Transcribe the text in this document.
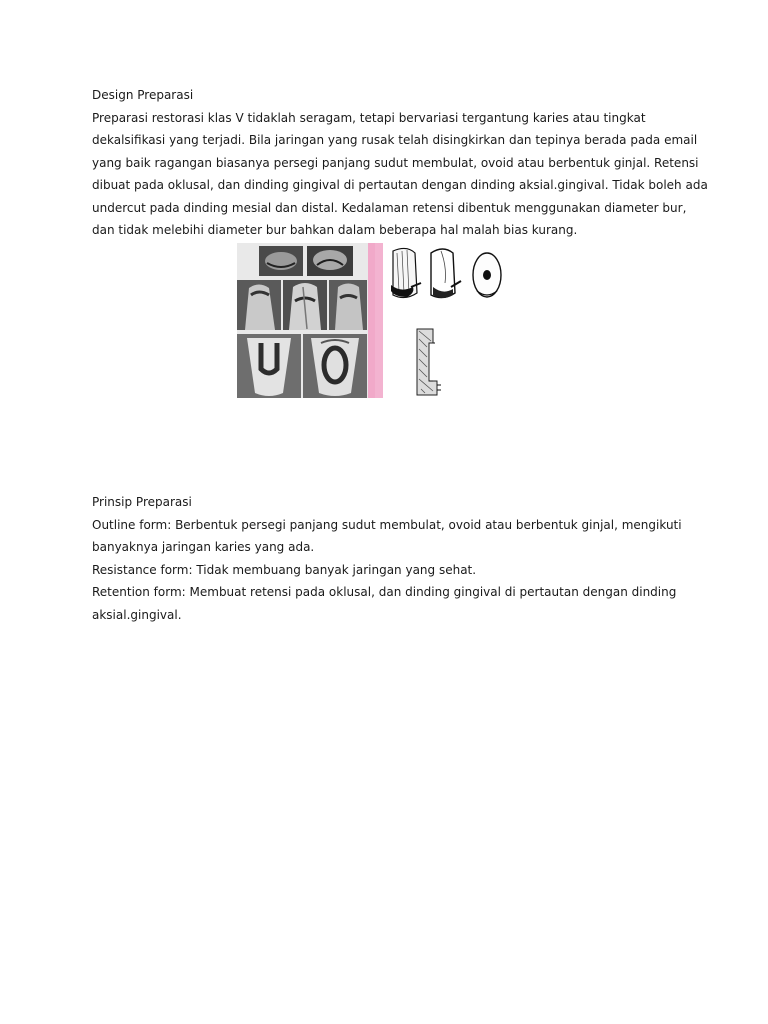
Design Preparasi
Preparasi restorasi klas V tidaklah seragam, tetapi bervariasi tergantung karies atau tingkat
dekalsifikasi yang terjadi. Bila jaringan yang rusak telah disingkirkan dan tepinya berada pada email
yang baik ragangan biasanya persegi panjang sudut membulat, ovoid atau berbentuk ginjal. Retensi
dibuat pada oklusal, dan dinding gingival di pertautan dengan dinding aksial.gingival. Tidak boleh ada
undercut pada dinding mesial dan distal. Kedalaman retensi dibentuk menggunakan diameter bur,
dan tidak melebihi diameter bur bahkan dalam beberapa hal malah bias kurang.
Prinsip Preparasi
Outline form: Berbentuk persegi panjang sudut membulat, ovoid atau berbentuk ginjal, mengikuti
banyaknya jaringan karies yang ada.
Resistance form: Tidak membuang banyak jaringan yang sehat.
Retention form: Membuat retensi pada oklusal, dan dinding gingival di pertautan dengan dinding
aksial.gingival.
